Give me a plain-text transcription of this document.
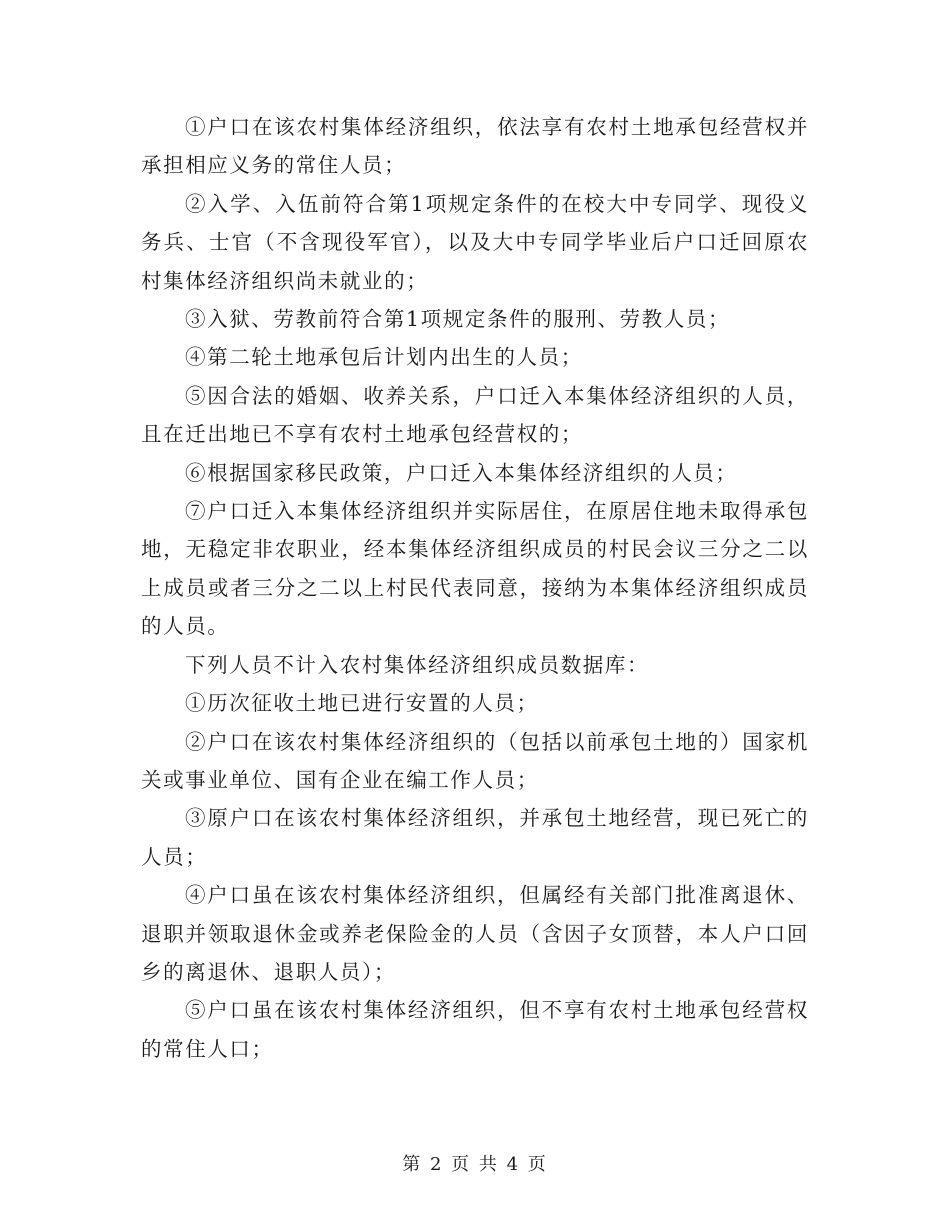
①户口在该农村集体经济组织，依法享有农村土地承包经营权并承担相应义务的常住人员；

②入学、入伍前符合第1项规定条件的在校大中专同学、现役义务兵、士官（不含现役军官），以及大中专同学毕业后户口迁回原农村集体经济组织尚未就业的；

③入狱、劳教前符合第1项规定条件的服刑、劳教人员；

④第二轮土地承包后计划内出生的人员；

⑤因合法的婚姻、收养关系，户口迁入本集体经济组织的人员，且在迁出地已不享有农村土地承包经营权的；

⑥根据国家移民政策，户口迁入本集体经济组织的人员；

⑦户口迁入本集体经济组织并实际居住，在原居住地未取得承包地，无稳定非农职业，经本集体经济组织成员的村民会议三分之二以上成员或者三分之二以上村民代表同意，接纳为本集体经济组织成员的人员。

下列人员不计入农村集体经济组织成员数据库：

①历次征收土地已进行安置的人员；

②户口在该农村集体经济组织的（包括以前承包土地的）国家机关或事业单位、国有企业在编工作人员；

③原户口在该农村集体经济组织，并承包土地经营，现已死亡的人员；

④户口虽在该农村集体经济组织，但属经有关部门批准离退休、退职并领取退休金或养老保险金的人员（含因子女顶替，本人户口回乡的离退休、退职人员）；

⑤户口虽在该农村集体经济组织，但不享有农村土地承包经营权的常住人口；

第 2 页 共 4 页
